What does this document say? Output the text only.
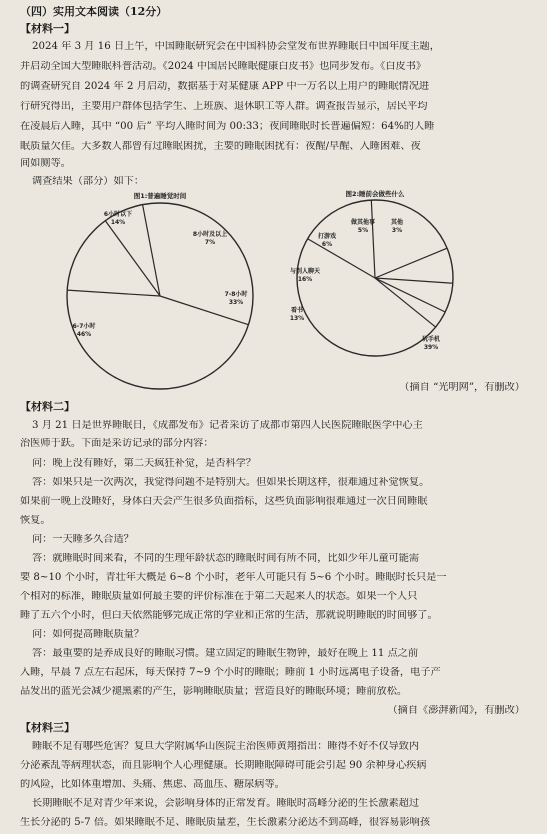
（四）实用文本阅读（12分）
【材料一】
2024 年 3 月 16 日上午，中国睡眠研究会在中国科协会堂发布世界睡眠日中国年度主题，
并启动全国大型睡眠科普活动。《2024 中国居民睡眠健康白皮书》也同步发布。《白皮书》
的调查研究自 2024 年 2 月启动，数据基于对某健康 APP 中一万名以上用户的睡眠情况进
行研究得出，主要用户群体包括学生、上班族、退休职工等人群。调查报告显示，居民平均
在凌晨后入睡，其中 “00 后” 平均入睡时间为 00:33；夜间睡眠时长普遍偏短：64%的人睡
眠质量欠佳。大多数人都曾有过睡眠困扰，主要的睡眠困扰有：夜醒/早醒、入睡困难、夜
间如厕等。
调查结果（部分）如下：
图1:普遍睡觉时间
6-7小时
46%
6小时以下
14%
8小时及以上
7%
7-8小时
33%
图2:睡前会做些什么
玩手机
39%
看书
13%
与别人聊天
16%
打游戏
6%
做其他事
5%
其他
3%
（摘自 “光明网”，有删改）
【材料二】
3 月 21 日是世界睡眠日，《成都发布》记者采访了成都市第四人民医院睡眠医学中心主
治医师于跃。下面是采访记录的部分内容：
问：晚上没有睡好，第二天疯狂补觉，是否科学？
答：如果只是一次两次，我觉得问题不是特别大。但如果长期这样，很难通过补觉恢复。
如果前一晚上没睡好，身体白天会产生很多负面指标，这些负面影响很难通过一次日间睡眠
恢复。
问：一天睡多久合适？
答：就睡眠时间来看，不同的生理年龄状态的睡眠时间有所不同，比如少年儿童可能需
要 8~10 个小时，青壮年大概是 6~8 个小时，老年人可能只有 5~6 个小时。睡眠时长只是一
个相对的标准，睡眠质量如何最主要的评价标准在于第二天起来人的状态。如果一个人只
睡了五六个小时，但白天依然能够完成正常的学业和正常的生活，那就说明睡眠的时间够了。
问：如何提高睡眠质量？
答：最重要的是养成良好的睡眠习惯。建立固定的睡眠生物钟，最好在晚上 11 点之前
入睡，早晨 7 点左右起床，每天保持 7~9 个小时的睡眠；睡前 1 小时远离电子设备，电子产
品发出的蓝光会减少褪黑素的产生，影响睡眠质量；营造良好的睡眠环境；睡前放松。
（摘自《澎湃新闻》，有删改）
【材料三】
睡眠不足有哪些危害？复旦大学附属华山医院主治医师黄翔指出：睡得不好不仅导致内
分泌紊乱等病理状态，而且影响个人心理健康。长期睡眠障碍可能会引起 90 余种身心疾病
的风险，比如体重增加、头痛、焦虑、高血压、糖尿病等。
长期睡眠不足对青少年来说，会影响身体的正常发育。睡眠时高峰分泌的生长激素超过
生长分泌的 5-7 倍。如果睡眠不足、睡眠质量差，生长激素分泌达不到高峰，很容易影响孩
